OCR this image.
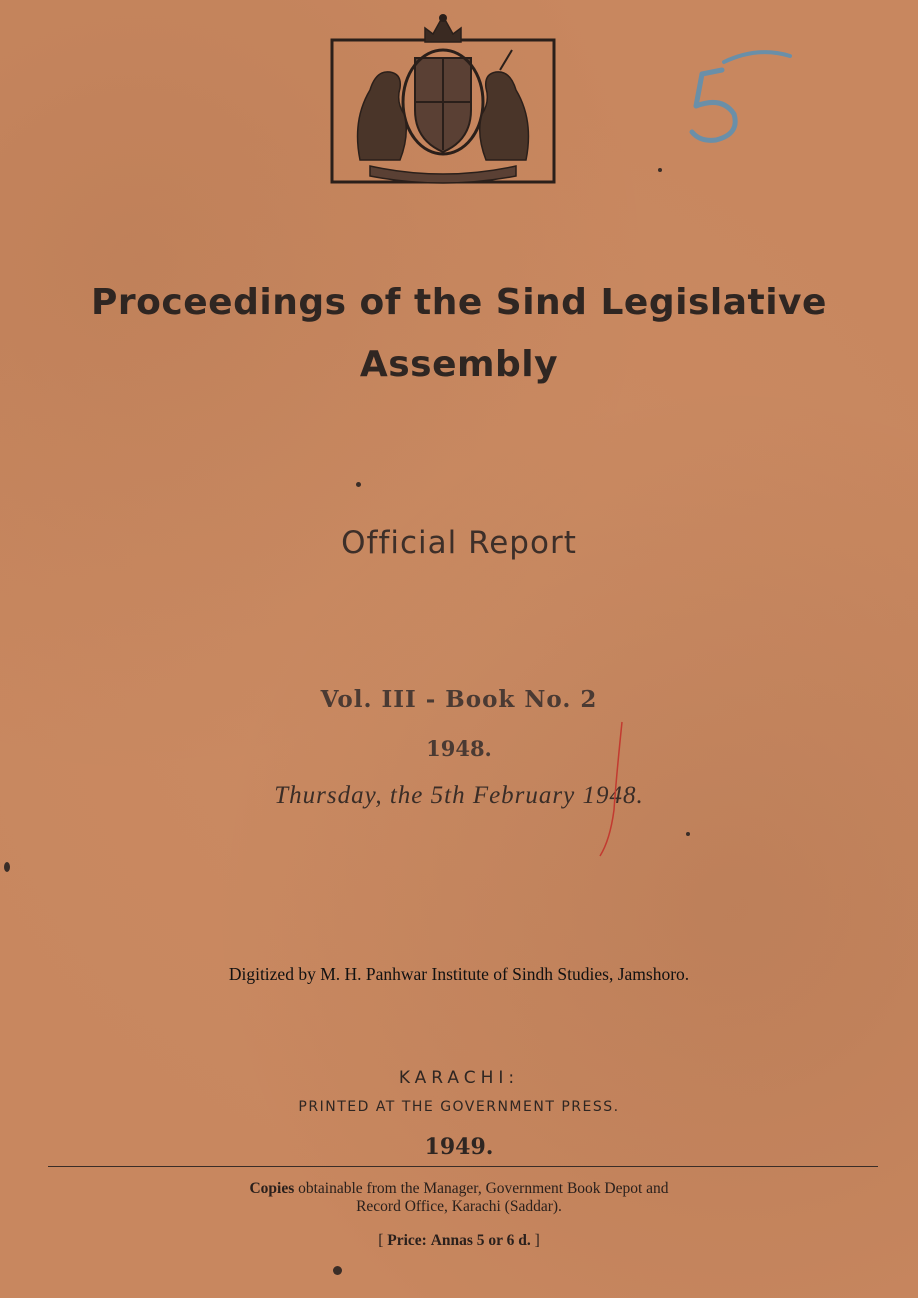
Proceedings of the Sind Legislative
Assembly
Official Report
Vol. III - Book No. 2
1948.
Thursday, the 5th February 1948.
Digitized by M. H. Panhwar Institute of Sindh Studies, Jamshoro.
KARACHI:
PRINTED AT THE GOVERNMENT PRESS.
1949.
Copies obtainable from the Manager, Government Book Depot and
Record Office, Karachi (Saddar).
[ Price: Annas 5 or 6 d. ]
